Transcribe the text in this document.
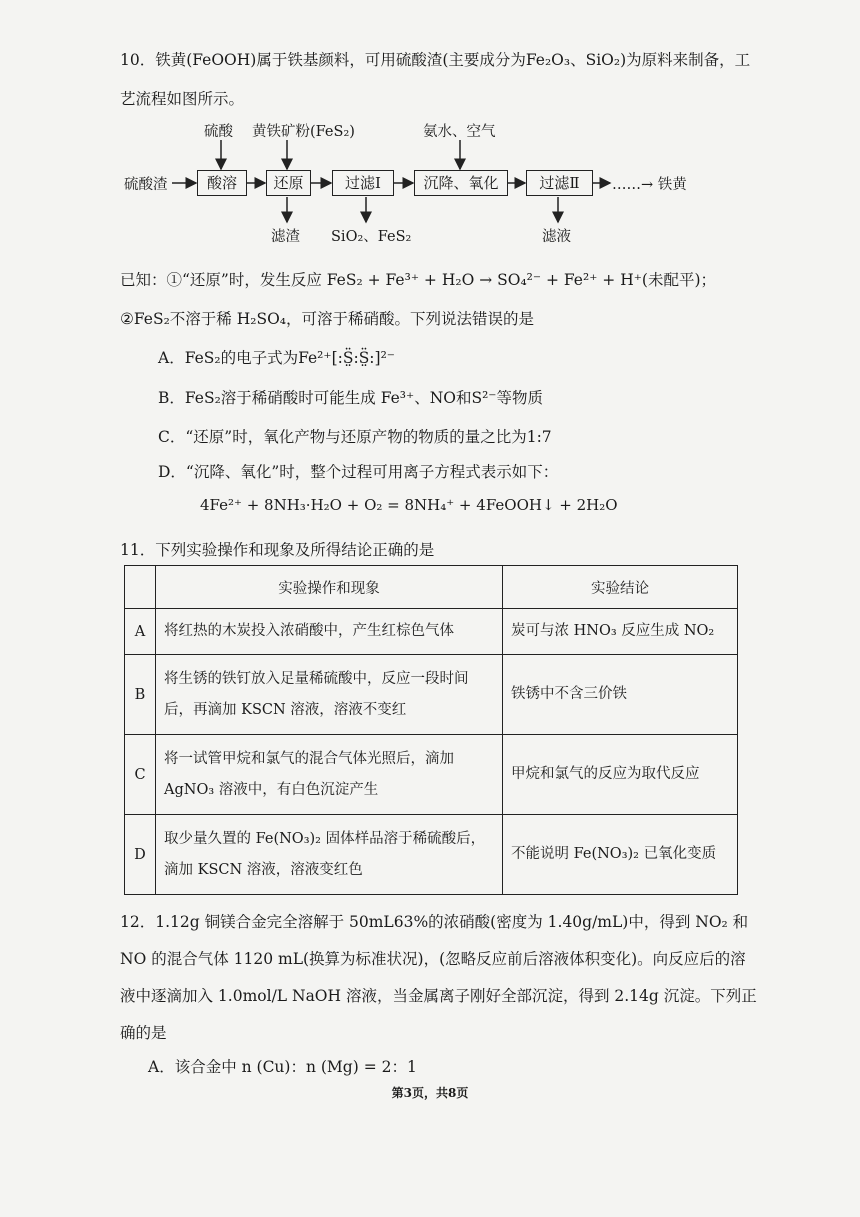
10．铁黄(FeOOH)属于铁基颜料，可用硫酸渣(主要成分为Fe₂O₃、SiO₂)为原料来制备，工
艺流程如图所示。
硫酸渣	酸溶	还原	过滤Ⅰ	沉降、氧化	过滤Ⅱ	……→ 铁黄
硫酸 黄铁矿粉(FeS₂)	氨水、空气
滤渣 SiO₂、FeS₂	滤液
已知：①“还原”时，发生反应 FeS₂ + Fe³⁺ + H₂O → SO₄²⁻ + Fe²⁺ + H⁺(未配平)；
②FeS₂不溶于稀 H₂SO₄，可溶于稀硝酸。下列说法错误的是
A．FeS₂的电子式为Fe²⁺[:S̤̈:S̤̈:]²⁻
B．FeS₂溶于稀硝酸时可能生成 Fe³⁺、NO和S²⁻等物质
C．“还原”时，氧化产物与还原产物的物质的量之比为1:7
D．“沉降、氧化”时，整个过程可用离子方程式表示如下：
4Fe²⁺ + 8NH₃·H₂O + O₂ = 8NH₄⁺ + 4FeOOH↓ + 2H₂O
11．下列实验操作和现象及所得结论正确的是
	实验操作和现象	实验结论
A	将红热的木炭投入浓硝酸中，产生红棕色气体	炭可与浓 HNO₃ 反应生成 NO₂
B	将生锈的铁钉放入足量稀硫酸中，反应一段时间后，再滴加 KSCN 溶液，溶液不变红	铁锈中不含三价铁
C	将一试管甲烷和氯气的混合气体光照后，滴加AgNO₃ 溶液中，有白色沉淀产生	甲烷和氯气的反应为取代反应
D	取少量久置的 Fe(NO₃)₂ 固体样品溶于稀硫酸后，滴加 KSCN 溶液，溶液变红色	不能说明 Fe(NO₃)₂ 已氧化变质
12．1.12g 铜镁合金完全溶解于 50mL63%的浓硝酸(密度为 1.40g/mL)中，得到 NO₂ 和
NO 的混合气体 1120 mL(换算为标准状况)，(忽略反应前后溶液体积变化)。向反应后的溶
液中逐滴加入 1.0mol/L NaOH 溶液，当金属离子刚好全部沉淀，得到 2.14g 沉淀。下列正
确的是
A．该合金中 n (Cu)：n (Mg) = 2：1
第3页，共8页
